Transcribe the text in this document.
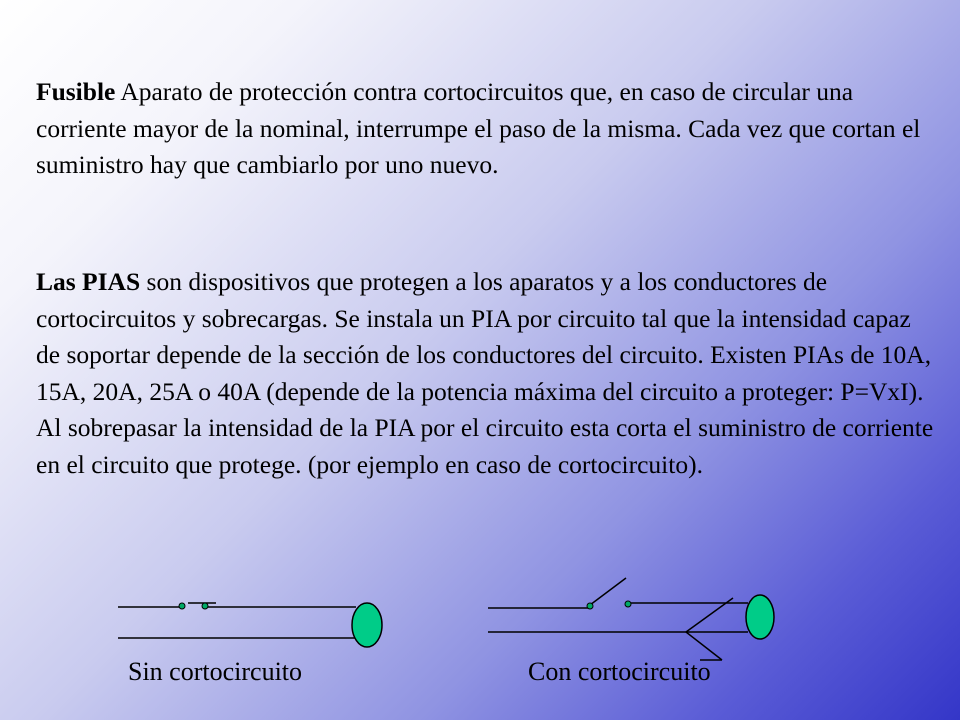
Fusible Aparato de protección contra cortocircuitos que, en caso de circular una corriente mayor de la nominal, interrumpe el paso de la misma. Cada vez que cortan el suministro hay que cambiarlo por uno nuevo.

Las PIAS son dispositivos que protegen a los aparatos y a los conductores de cortocircuitos y sobrecargas. Se instala un PIA por circuito tal que la intensidad capaz de soportar depende de la sección de los conductores del circuito. Existen PIAs de 10A, 15A, 20A, 25A o 40A (depende de la potencia máxima del circuito a proteger: P=VxI). Al sobrepasar la intensidad de la PIA por el circuito esta corta el suministro de corriente en el circuito que protege. (por ejemplo en caso de cortocircuito).

Sin cortocircuito	Con cortocircuito
